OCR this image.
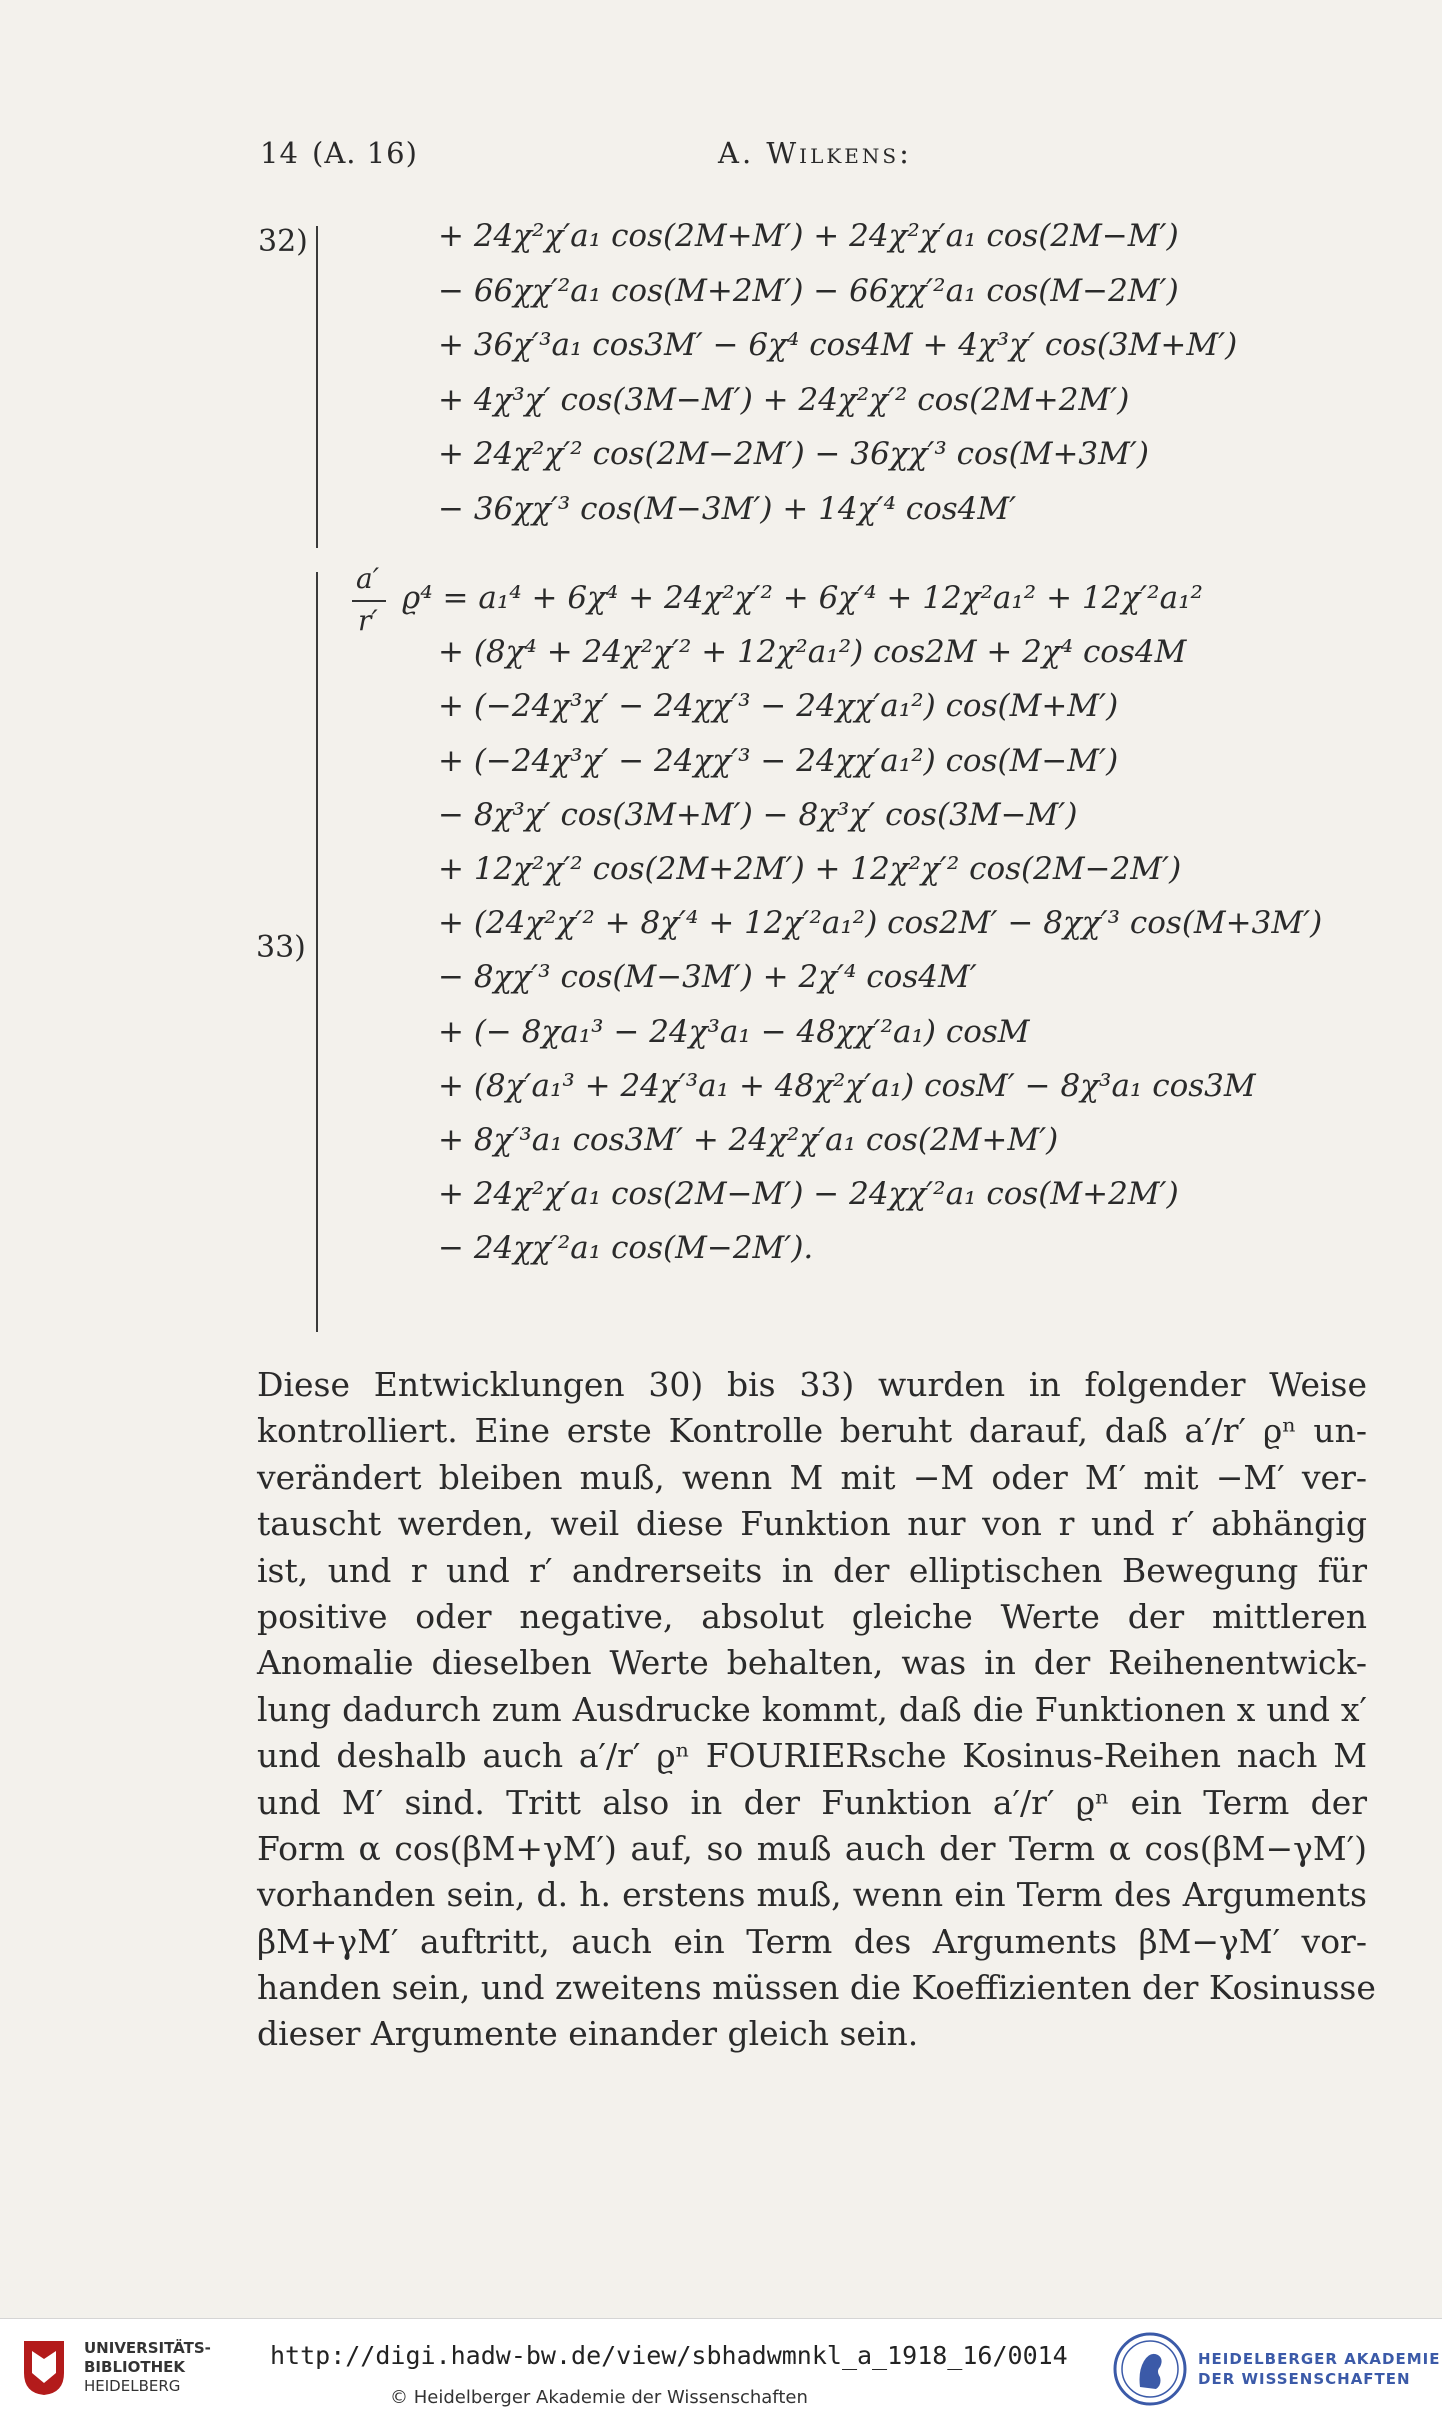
14 (A. 16)	A. Wilkens:
32)	+ 24χ²χ′a₁ cos(2M+M′) + 24χ²χ′a₁ cos(2M−M′)
− 66χχ′²a₁ cos(M+2M′) − 66χχ′²a₁ cos(M−2M′)
+ 36χ′³a₁ cos3M′ − 6χ⁴ cos4M + 4χ³χ′ cos(3M+M′)
+ 4χ³χ′ cos(3M−M′) + 24χ²χ′² cos(2M+2M′)
+ 24χ²χ′² cos(2M−2M′) − 36χχ′³ cos(M+3M′)
− 36χχ′³ cos(M−3M′) + 14χ′⁴ cos4M′
33)
a′
r′
ϱ⁴ = a₁⁴ + 6χ⁴ + 24χ²χ′² + 6χ′⁴ + 12χ²a₁² + 12χ′²a₁²
+ (8χ⁴ + 24χ²χ′² + 12χ²a₁²) cos2M + 2χ⁴ cos4M
+ (−24χ³χ′ − 24χχ′³ − 24χχ′a₁²) cos(M+M′)
+ (−24χ³χ′ − 24χχ′³ − 24χχ′a₁²) cos(M−M′)
− 8χ³χ′ cos(3M+M′) − 8χ³χ′ cos(3M−M′)
+ 12χ²χ′² cos(2M+2M′) + 12χ²χ′² cos(2M−2M′)
+ (24χ²χ′² + 8χ′⁴ + 12χ′²a₁²) cos2M′ − 8χχ′³ cos(M+3M′)
− 8χχ′³ cos(M−3M′) + 2χ′⁴ cos4M′
+ (− 8χa₁³ − 24χ³a₁ − 48χχ′²a₁) cosM
+ (8χ′a₁³ + 24χ′³a₁ + 48χ²χ′a₁) cosM′ − 8χ³a₁ cos3M
+ 8χ′³a₁ cos3M′ + 24χ²χ′a₁ cos(2M+M′)
+ 24χ²χ′a₁ cos(2M−M′) − 24χχ′²a₁ cos(M+2M′)
− 24χχ′²a₁ cos(M−2M′).
Diese Entwicklungen 30) bis 33) wurden in folgender Weise
kontrolliert. Eine erste Kontrolle beruht darauf, daß a′/r′ ϱⁿ un-
verändert bleiben muß, wenn M mit −M oder M′ mit −M′ ver-
tauscht werden, weil diese Funktion nur von r und r′ abhängig
ist, und r und r′ andrerseits in der elliptischen Bewegung für
positive oder negative, absolut gleiche Werte der mittleren
Anomalie dieselben Werte behalten, was in der Reihenentwick-
lung dadurch zum Ausdrucke kommt, daß die Funktionen x und x′
und deshalb auch a′/r′ ϱⁿ FOURIERsche Kosinus-Reihen nach M
und M′ sind. Tritt also in der Funktion a′/r′ ϱⁿ ein Term der
Form α cos(βM+γM′) auf, so muß auch der Term α cos(βM−γM′)
vorhanden sein, d. h. erstens muß, wenn ein Term des Arguments
βM+γM′ auftritt, auch ein Term des Arguments βM−γM′ vor-
handen sein, und zweitens müssen die Koeffizienten der Kosinusse
dieser Argumente einander gleich sein.
UNIVERSITÄTS-
BIBLIOTHEK
HEIDELBERG
http://digi.hadw-bw.de/view/sbhadwmnkl_a_1918_16/0014
© Heidelberger Akademie der Wissenschaften
HEIDELBERGER AKADEMIE
DER WISSENSCHAFTEN
